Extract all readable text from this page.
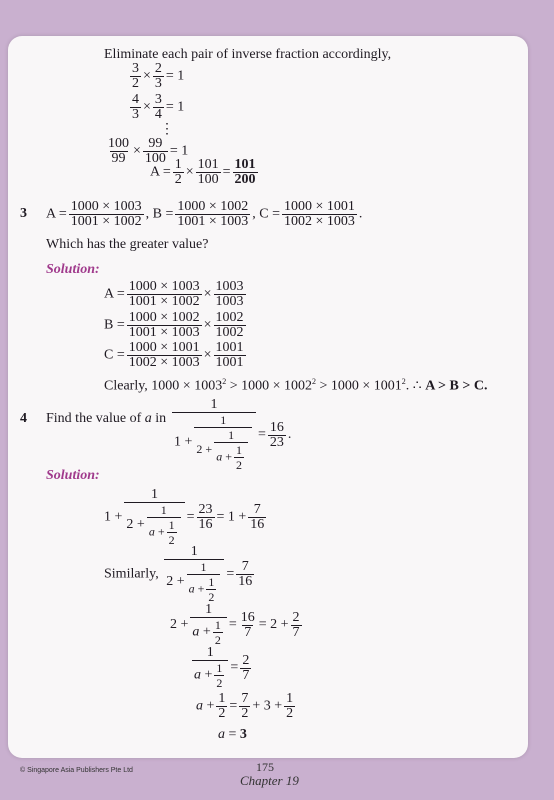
Eliminate each pair of inverse fraction accordingly,
$\frac{3}{2} \times \frac{2}{3} = 1$
$\frac{4}{3} \times \frac{3}{4} = 1$
⋮
$\frac{100}{99} \times \frac{99}{100} = 1$
$A = \frac{1}{2} \times \frac{101}{100} = \frac{101}{200}$
3 $A = \frac{1000 \times 1003}{1001 \times 1002}$ , $B = \frac{1000 \times 1002}{1001 \times 1003}$ , $C = \frac{1000 \times 1001}{1002 \times 1003}$ .
Which has the greater value?
Solution:
$A = \frac{1000 \times 1003}{1001 \times 1002} \times \frac{1003}{1003}$
$B = \frac{1000 \times 1002}{1001 \times 1003} \times \frac{1002}{1002}$
$C = \frac{1000 \times 1001}{1002 \times 1003} \times \frac{1001}{1001}$
Clearly, $1000 \times 1003^2 > 1000 \times 1002^2 > 1000 \times 1001^2$. ∴ A > B > C.
4 Find the value of a in $\frac{1}{1 + \frac{1}{2 + \frac{1}{a + \frac{1}{2}}}} = \frac{16}{23}$ .
Solution:
$1 + \frac{1}{2 + \frac{1}{a + \frac{1}{2}}} = \frac{23}{16} = 1 + \frac{7}{16}$
Similarly, $\frac{1}{2 + \frac{1}{a + \frac{1}{2}}} = \frac{7}{16}$
$2 + \frac{1}{a + \frac{1}{2}} = \frac{16}{7} = 2 + \frac{2}{7}$
$\frac{1}{a + \frac{1}{2}} = \frac{2}{7}$
$a + \frac{1}{2} = \frac{7}{2} + 3 + \frac{1}{2}$
a = 3
© Singapore Asia Publishers Pte Ltd	175
Chapter 19
